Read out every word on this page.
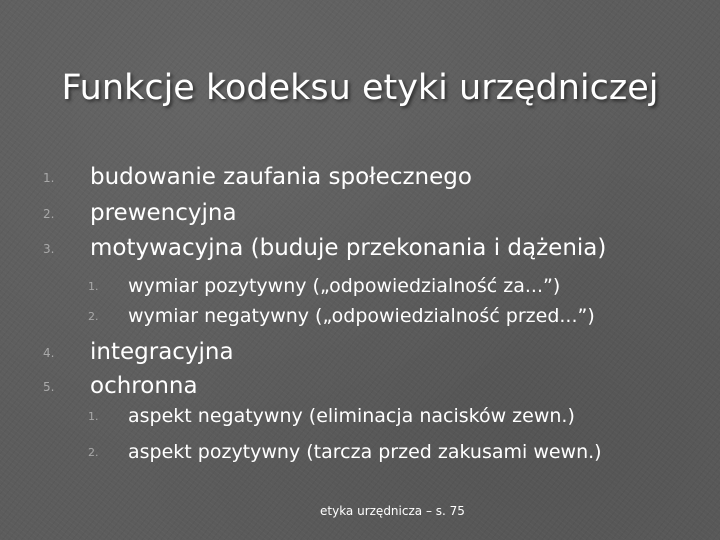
Funkcje kodeksu etyki urzędniczej
1. budowanie zaufania społecznego
2. prewencyjna
3. motywacyjna (buduje przekonania i dążenia)
1. wymiar pozytywny („odpowiedzialność za...”)
2. wymiar negatywny („odpowiedzialność przed...”)
4. integracyjna
5. ochronna
1. aspekt negatywny (eliminacja nacisków zewn.)
2. aspekt pozytywny (tarcza przed zakusami wewn.)
etyka urzędnicza – s. 75
